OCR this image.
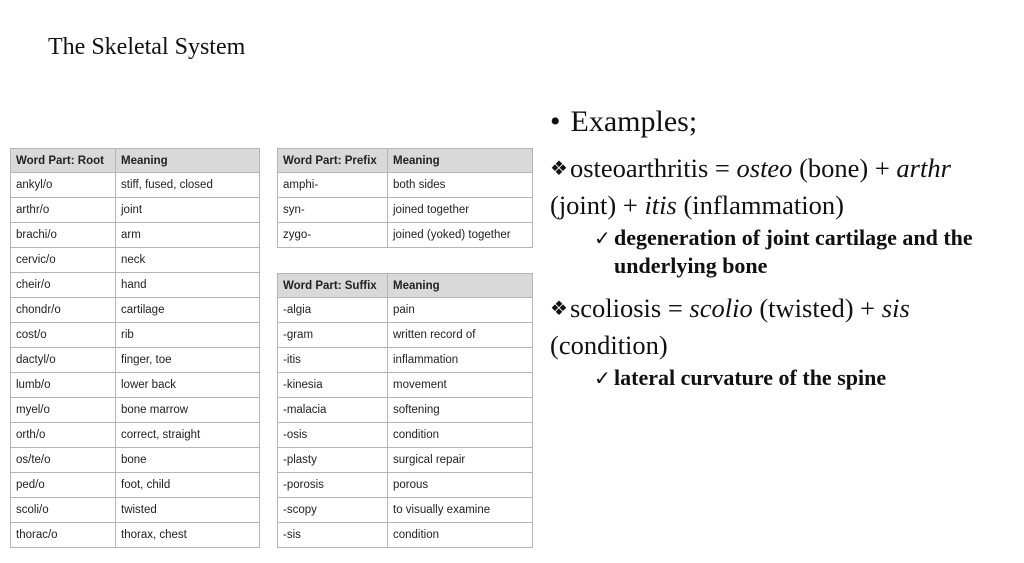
The Skeletal System
Word Part: Root	Meaning
ankyl/o	stiff, fused, closed
arthr/o	joint
brachi/o	arm
cervic/o	neck
cheir/o	hand
chondr/o	cartilage
cost/o	rib
dactyl/o	finger, toe
lumb/o	lower back
myel/o	bone marrow
orth/o	correct, straight
os/te/o	bone
ped/o	foot, child
scoli/o	twisted
thorac/o	thorax, chest
Word Part: Prefix	Meaning
amphi-	both sides
syn-	joined together
zygo-	joined (yoked) together
Word Part: Suffix	Meaning
-algia	pain
-gram	written record of
-itis	inflammation
-kinesia	movement
-malacia	softening
-osis	condition
-plasty	surgical repair
-porosis	porous
-scopy	to visually examine
-sis	condition
• Examples;
❖osteoarthritis = osteo (bone) + arthr (joint) + itis (inflammation)
✓ degeneration of joint cartilage and the underlying bone
❖scoliosis = scolio (twisted) + sis (condition)
✓ lateral curvature of the spine
